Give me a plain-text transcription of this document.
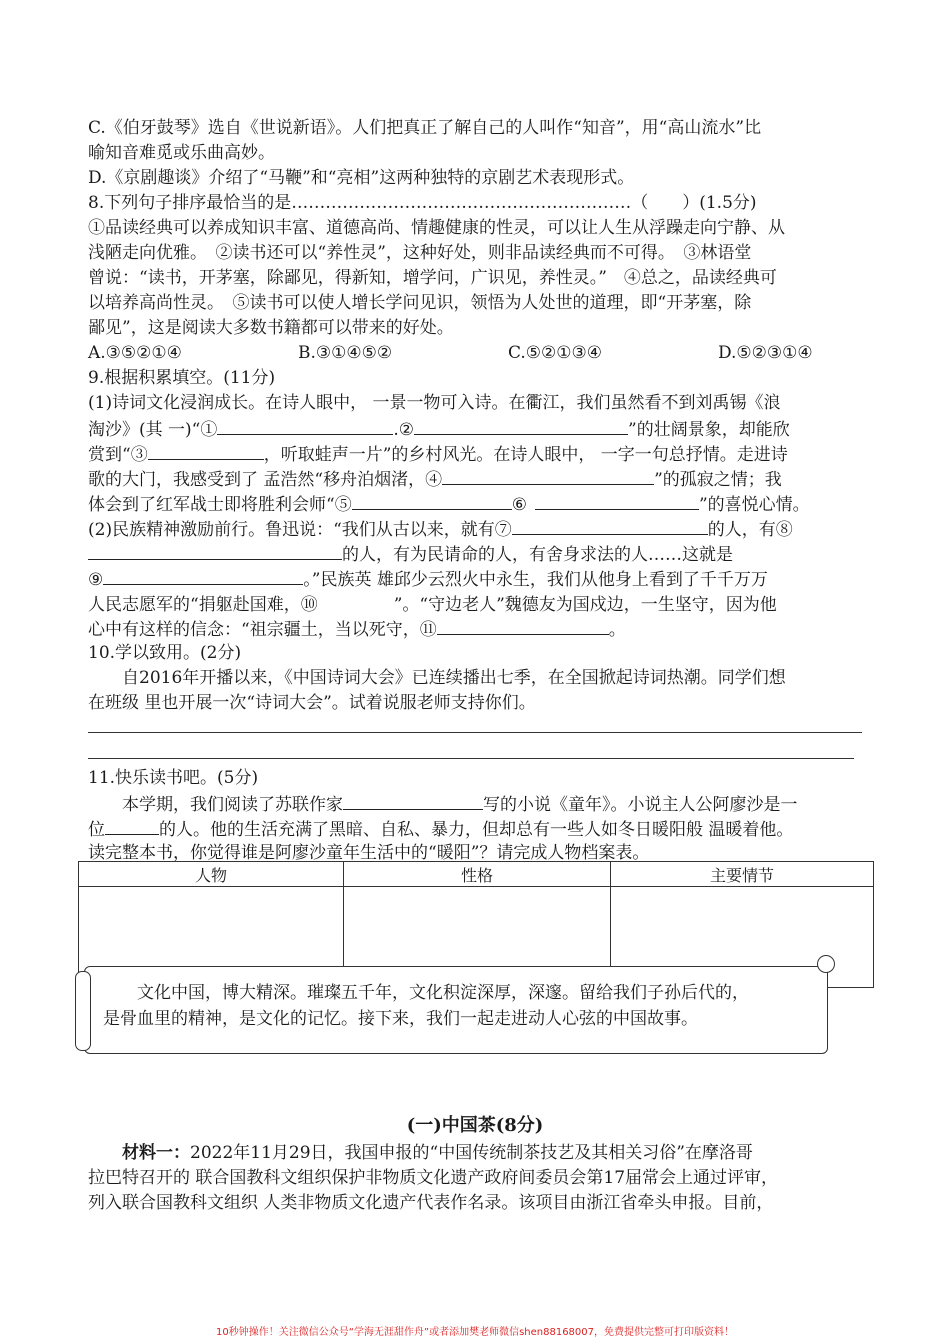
C.《伯牙鼓琴》选自《世说新语》。人们把真正了解自己的人叫作“知音”，用“高山流水”比
喻知音难觅或乐曲高妙。
D.《京剧趣谈》介绍了“马鞭”和“亮相”这两种独特的京剧艺术表现形式。
8.下列句子排序最恰当的是……………………………………………………（　　）(1.5分)
①品读经典可以养成知识丰富、道德高尚、情趣健康的性灵，可以让人生从浮躁走向宁静、从
浅陋走向优雅。　②读书还可以“养性灵”，这种好处，则非品读经典而不可得。　③林语堂
曾说：“读书，开茅塞，除鄙见，得新知，增学问，广识见，养性灵。”　④总之，品读经典可
以培养高尚性灵。　⑤读书可以使人增长学问见识，领悟为人处世的道理，即“开茅塞，除
鄙见”，这是阅读大多数书籍都可以带来的好处。
A.③⑤②①④	B.③①④⑤②	C.⑤②①③④	D.⑤②③①④
9.根据积累填空。(11分)
(1)诗词文化浸润成长。在诗人眼中， 一景一物可入诗。在衢江，我们虽然看不到刘禹锡《浪
淘沙》(其 一)“①	.②	”的壮阔景象，却能欣
赏到“③	，听取蛙声一片”的乡村风光。在诗人眼中， 一字一句总抒情。走进诗
歌的大门，我感受到了 孟浩然“移舟泊烟渚，④	”的孤寂之情；我
体会到了红军战士即将胜利会师“⑤	⑥	”的喜悦心情。
(2)民族精神激励前行。鲁迅说：“我们从古以来，就有⑦	的人，有⑧
的人，有为民请命的人，有舍身求法的人……这就是
⑨	。”民族英 雄邱少云烈火中永生，我们从他身上看到了千千万万
人民志愿军的“捐躯赴国难，⑩	”。“守边老人”魏德友为国戍边，一生坚守，因为他
心中有这样的信念：“祖宗疆土，当以死守，⑪	。
10.学以致用。(2分)
自2016年开播以来，《中国诗词大会》已连续播出七季，在全国掀起诗词热潮。同学们想
在班级 里也开展一次“诗词大会”。试着说服老师支持你们。
11.快乐读书吧。(5分)
本学期，我们阅读了苏联作家	写的小说《童年》。小说主人公阿廖沙是一
位	的人。他的生活充满了黑暗、自私、暴力，但却总有一些人如冬日暖阳般 温暖着他。
读完整本书，你觉得谁是阿廖沙童年生活中的“暖阳”？请完成人物档案表。
人物	性格	主要情节

文化中国，博大精深。璀璨五千年，文化积淀深厚，深邃。留给我们子孙后代的，
是骨血里的精神，是文化的记忆。接下来，我们一起走进动人心弦的中国故事。
(一)中国茶(8分)
材料一：2022年11月29日，我国申报的“中国传统制茶技艺及其相关习俗”在摩洛哥
拉巴特召开的 联合国教科文组织保护非物质文化遗产政府间委员会第17届常会上通过评审，
列入联合国教科文组织 人类非物质文化遗产代表作名录。该项目由浙江省牵头申报。目前，
10秒钟操作！关注微信公众号“学海无涯甜作舟”或者添加樊老师微信shen88168007，免费提供完整可打印版资料！
